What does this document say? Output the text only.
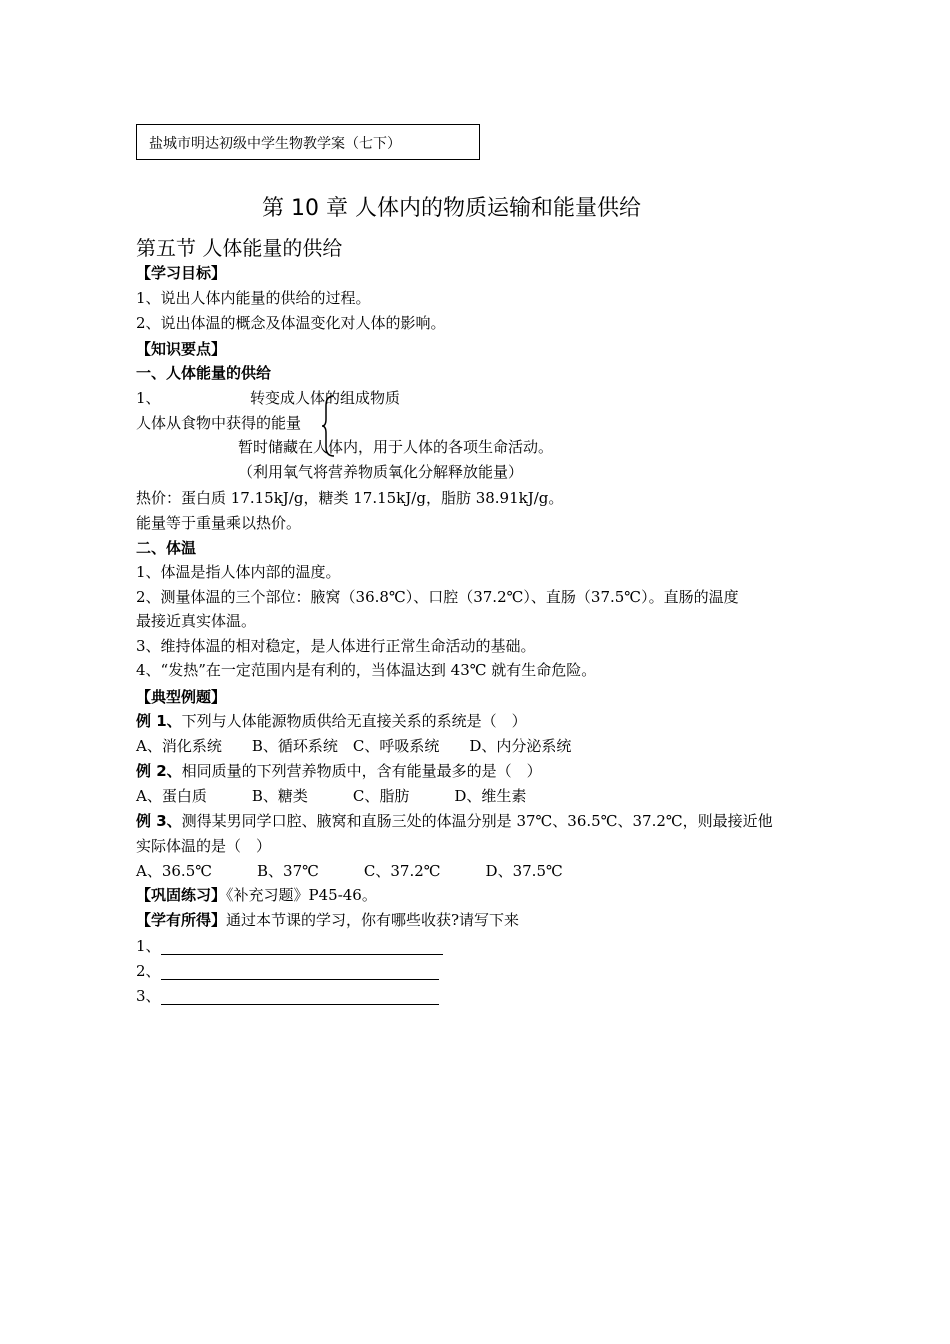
盐城市明达初级中学生物教学案（七下）
第 10 章 人体内的物质运输和能量供给
第五节 人体能量的供给
【学习目标】
1、说出人体内能量的供给的过程。
2、说出体温的概念及体温变化对人体的影响。
【知识要点】
一、人体能量的供给
1、	转变成人体的组成物质
人体从食物中获得的能量
暂时储藏在人体内，用于人体的各项生命活动。
（利用氧气将营养物质氧化分解释放能量）
热价：蛋白质 17.15kJ/g，糖类 17.15kJ/g，脂肪 38.91kJ/g。
能量等于重量乘以热价。
二、体温
1、体温是指人体内部的温度。
2、测量体温的三个部位：腋窝（36.8℃）、口腔（37.2℃）、直肠（37.5℃）。直肠的温度
最接近真实体温。
3、维持体温的相对稳定，是人体进行正常生命活动的基础。
4、“发热”在一定范围内是有利的，当体温达到 43℃ 就有生命危险。
【典型例题】
例 1、下列与人体能源物质供给无直接关系的系统是（　）
A、消化系统　　B、循环系统　C、呼吸系统　　D、内分泌系统
例 2、相同质量的下列营养物质中，含有能量最多的是（　）
A、蛋白质　　　B、糖类　　　C、脂肪　　　D、维生素
例 3、测得某男同学口腔、腋窝和直肠三处的体温分别是 37℃、36.5℃、37.2℃，则最接近他
实际体温的是（　）
A、36.5℃　　　B、37℃　　　C、37.2℃　　　D、37.5℃
【巩固练习】《补充习题》P45-46。
【学有所得】通过本节课的学习，你有哪些收获?请写下来
1、
2、
3、
